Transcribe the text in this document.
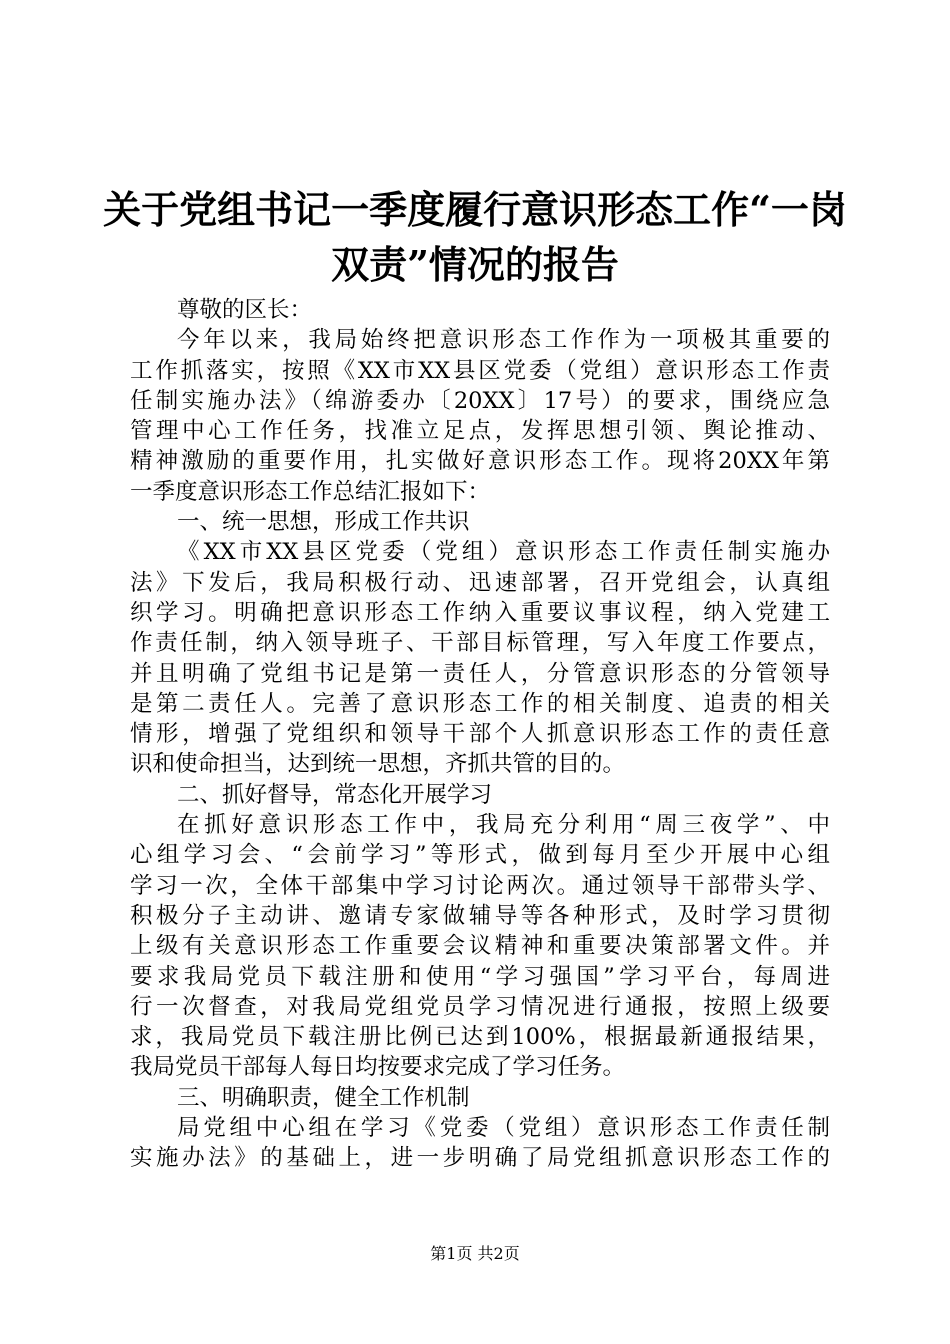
关于党组书记一季度履行意识形态工作“一岗
双责”情况的报告
尊敬的区长：
今年以来，我局始终把意识形态工作作为一项极其重要的
工作抓落实，按照《XX市XX县区党委（党组）意识形态工作责
任制实施办法》（绵游委办〔20XX〕17号）的要求，围绕应急
管理中心工作任务，找准立足点，发挥思想引领、舆论推动、
精神激励的重要作用，扎实做好意识形态工作。现将20XX年第
一季度意识形态工作总结汇报如下：
一、统一思想，形成工作共识
《XX市XX县区党委（党组）意识形态工作责任制实施办
法》下发后，我局积极行动、迅速部署，召开党组会，认真组
织学习。明确把意识形态工作纳入重要议事议程，纳入党建工
作责任制，纳入领导班子、干部目标管理，写入年度工作要点，
并且明确了党组书记是第一责任人，分管意识形态的分管领导
是第二责任人。完善了意识形态工作的相关制度、追责的相关
情形，增强了党组织和领导干部个人抓意识形态工作的责任意
识和使命担当，达到统一思想，齐抓共管的目的。
二、抓好督导，常态化开展学习
在抓好意识形态工作中，我局充分利用“周三夜学”、中
心组学习会、“会前学习”等形式，做到每月至少开展中心组
学习一次，全体干部集中学习讨论两次。通过领导干部带头学、
积极分子主动讲、邀请专家做辅导等各种形式，及时学习贯彻
上级有关意识形态工作重要会议精神和重要决策部署文件。并
要求我局党员下载注册和使用“学习强国”学习平台，每周进
行一次督查，对我局党组党员学习情况进行通报，按照上级要
求，我局党员下载注册比例已达到100%，根据最新通报结果，
我局党员干部每人每日均按要求完成了学习任务。
三、明确职责，健全工作机制
局党组中心组在学习《党委（党组）意识形态工作责任制
实施办法》的基础上，进一步明确了局党组抓意识形态工作的
第1页 共2页
